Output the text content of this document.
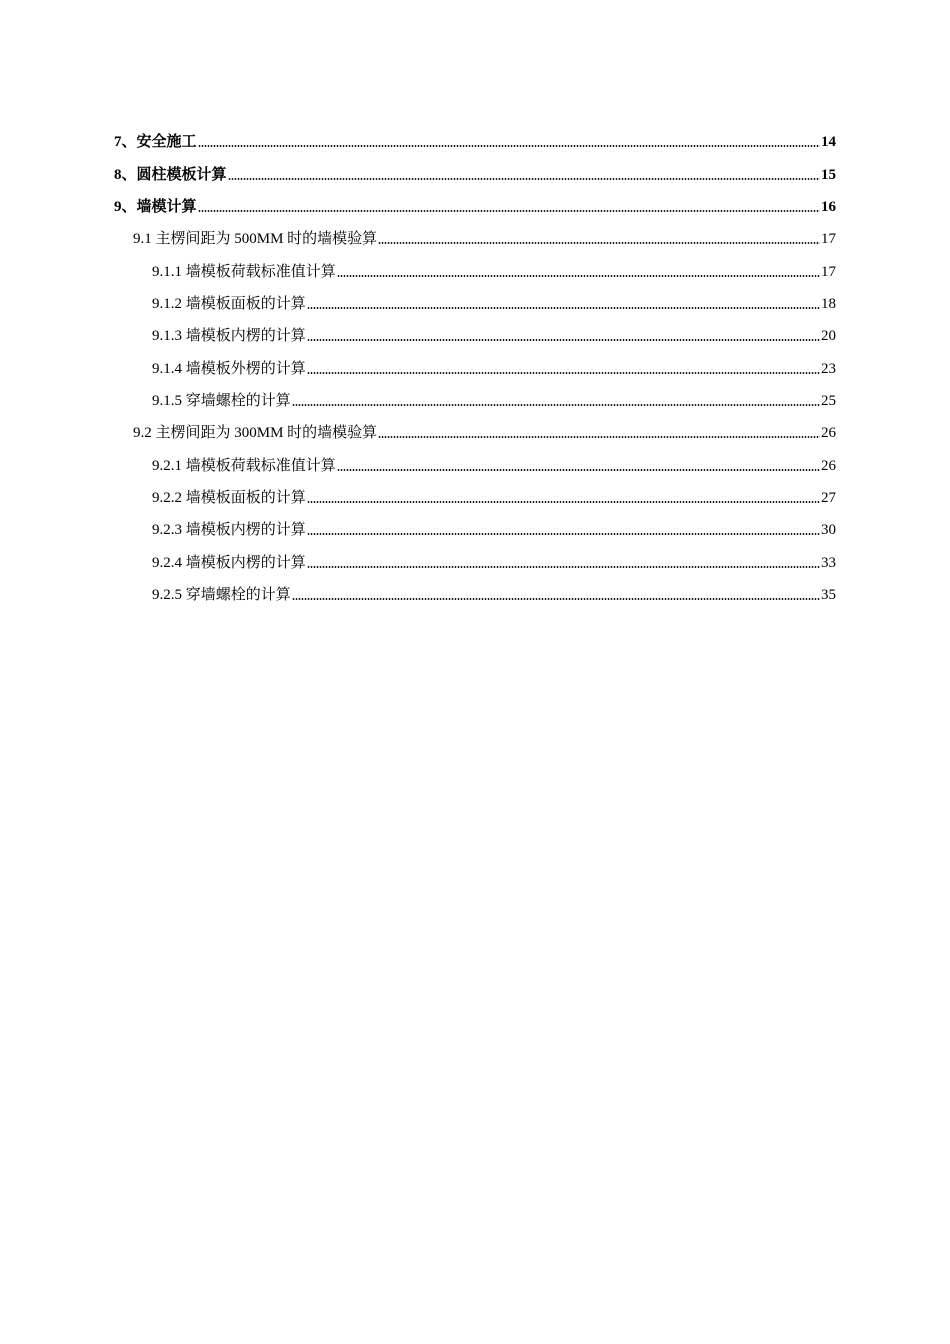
7、安全施工	14
8、圆柱模板计算	15
9、墙模计算	16
9.1 主楞间距为 500MM 时的墙模验算	17
9.1.1 墙模板荷载标准值计算	17
9.1.2 墙模板面板的计算	18
9.1.3 墙模板内楞的计算	20
9.1.4 墙模板外楞的计算	23
9.1.5 穿墙螺栓的计算	25
9.2 主楞间距为 300MM 时的墙模验算	26
9.2.1 墙模板荷载标准值计算	26
9.2.2 墙模板面板的计算	27
9.2.3 墙模板内楞的计算	30
9.2.4 墙模板内楞的计算	33
9.2.5 穿墙螺栓的计算	35
